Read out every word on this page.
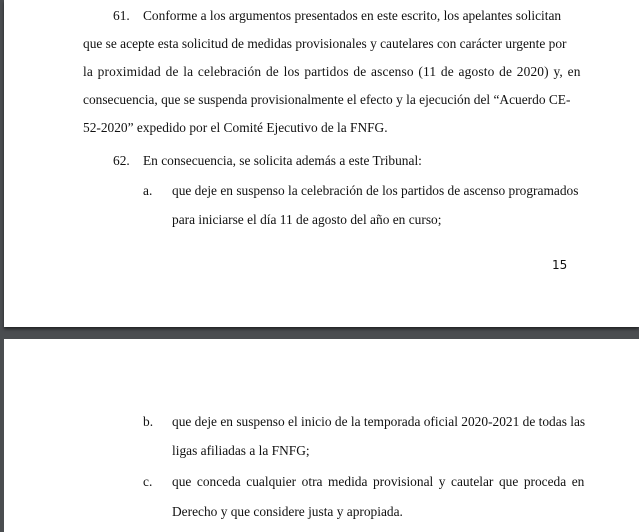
61. Conforme a los argumentos presentados en este escrito, los apelantes solicitan
que se acepte esta solicitud de medidas provisionales y cautelares con carácter urgente por
la proximidad de la celebración de los partidos de ascenso (11 de agosto de 2020) y, en
consecuencia, que se suspenda provisionalmente el efecto y la ejecución del “Acuerdo CE-
52-2020” expedido por el Comité Ejecutivo de la FNFG.
62. En consecuencia, se solicita además a este Tribunal:
a. que deje en suspenso la celebración de los partidos de ascenso programados
para iniciarse el día 11 de agosto del año en curso;
15
b. que deje en suspenso el inicio de la temporada oficial 2020-2021 de todas las
ligas afiliadas a la FNFG;
c. que conceda cualquier otra medida provisional y cautelar que proceda en
Derecho y que considere justa y apropiada.
